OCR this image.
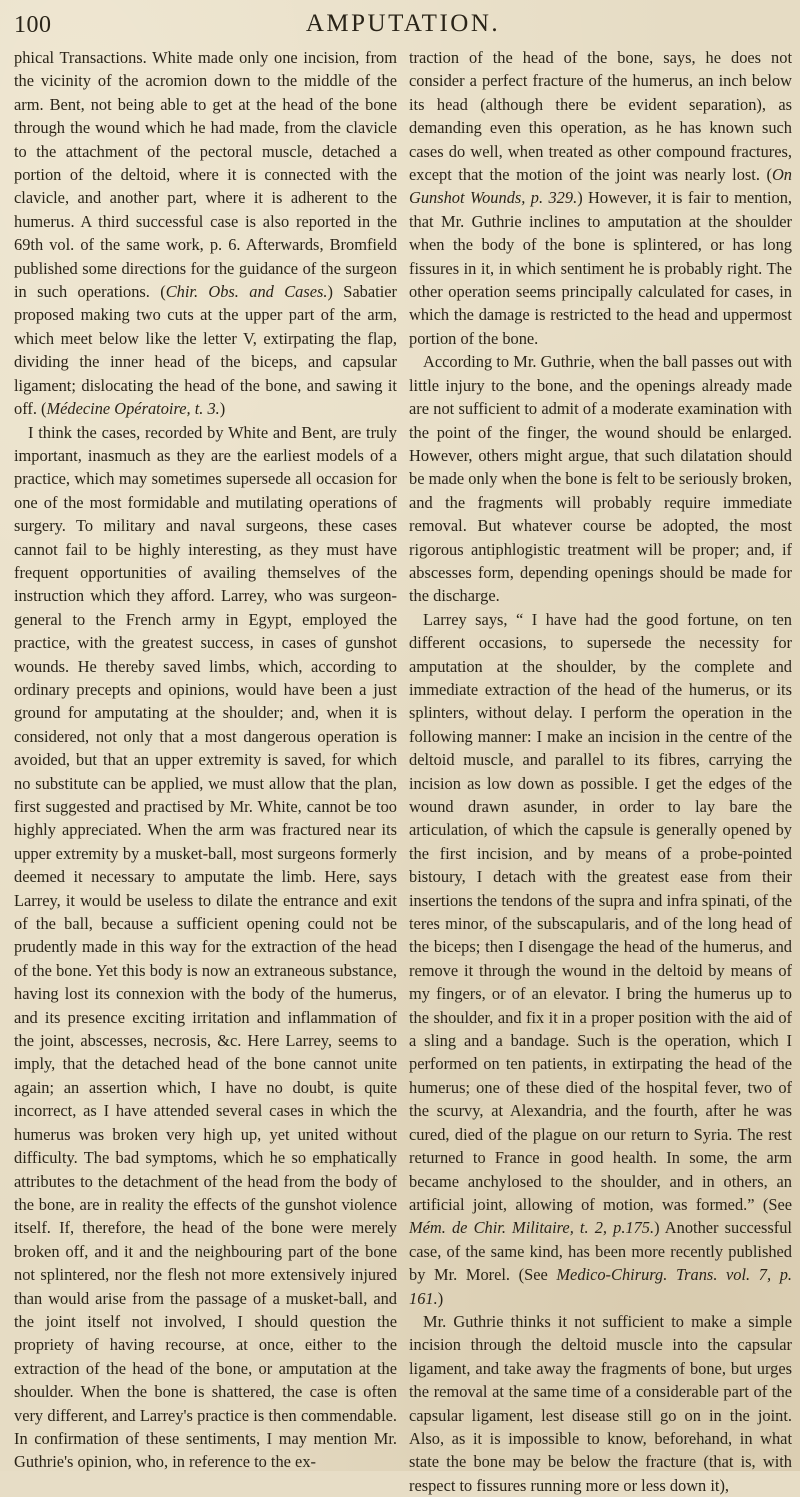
100	AMPUTATION.

phical Transactions. White made only one incision, from the vicinity of the acromion down to the middle of the arm. Bent, not being able to get at the head of the bone through the wound which he had made, from the clavicle to the attachment of the pectoral muscle, detached a portion of the deltoid, where it is connected with the clavicle, and another part, where it is adherent to the humerus. A third successful case is also reported in the 69th vol. of the same work, p. 6. Afterwards, Bromfield published some directions for the guidance of the surgeon in such operations. (Chir. Obs. and Cases.) Sabatier proposed making two cuts at the upper part of the arm, which meet below like the letter V, extirpating the flap, dividing the inner head of the biceps, and capsular ligament; dislocating the head of the bone, and sawing it off. (Médecine Opératoire, t. 3.)

I think the cases, recorded by White and Bent, are truly important, inasmuch as they are the earliest models of a practice, which may sometimes supersede all occasion for one of the most formidable and mutilating operations of surgery. To military and naval surgeons, these cases cannot fail to be highly interesting, as they must have frequent opportunities of availing themselves of the instruction which they afford. Larrey, who was surgeon-general to the French army in Egypt, employed the practice, with the greatest success, in cases of gunshot wounds. He thereby saved limbs, which, according to ordinary precepts and opinions, would have been a just ground for amputating at the shoulder; and, when it is considered, not only that a most dangerous operation is avoided, but that an upper extremity is saved, for which no substitute can be applied, we must allow that the plan, first suggested and practised by Mr. White, cannot be too highly appreciated. When the arm was fractured near its upper extremity by a musket-ball, most surgeons formerly deemed it necessary to amputate the limb. Here, says Larrey, it would be useless to dilate the entrance and exit of the ball, because a sufficient opening could not be prudently made in this way for the extraction of the head of the bone. Yet this body is now an extraneous substance, having lost its connexion with the body of the humerus, and its presence exciting irritation and inflammation of the joint, abscesses, necrosis, &c. Here Larrey, seems to imply, that the detached head of the bone cannot unite again; an assertion which, I have no doubt, is quite incorrect, as I have attended several cases in which the humerus was broken very high up, yet united without difficulty. The bad symptoms, which he so emphatically attributes to the detachment of the head from the body of the bone, are in reality the effects of the gunshot violence itself. If, therefore, the head of the bone were merely broken off, and it and the neighbouring part of the bone not splintered, nor the flesh not more extensively injured than would arise from the passage of a musket-ball, and the joint itself not involved, I should question the propriety of having recourse, at once, either to the extraction of the head of the bone, or amputation at the shoulder. When the bone is shattered, the case is often very different, and Larrey's practice is then commendable. In confirmation of these sentiments, I may mention Mr. Guthrie's opinion, who, in reference to the ex-

traction of the head of the bone, says, he does not consider a perfect fracture of the humerus, an inch below its head (although there be evident separation), as demanding even this operation, as he has known such cases do well, when treated as other compound fractures, except that the motion of the joint was nearly lost. (On Gunshot Wounds, p. 329.) However, it is fair to mention, that Mr. Guthrie inclines to amputation at the shoulder when the body of the bone is splintered, or has long fissures in it, in which sentiment he is probably right. The other operation seems principally calculated for cases, in which the damage is restricted to the head and uppermost portion of the bone.

According to Mr. Guthrie, when the ball passes out with little injury to the bone, and the openings already made are not sufficient to admit of a moderate examination with the point of the finger, the wound should be enlarged. However, others might argue, that such dilatation should be made only when the bone is felt to be seriously broken, and the fragments will probably require immediate removal. But whatever course be adopted, the most rigorous antiphlogistic treatment will be proper; and, if abscesses form, depending openings should be made for the discharge.

Larrey says, “ I have had the good fortune, on ten different occasions, to supersede the necessity for amputation at the shoulder, by the complete and immediate extraction of the head of the humerus, or its splinters, without delay. I perform the operation in the following manner: I make an incision in the centre of the deltoid muscle, and parallel to its fibres, carrying the incision as low down as possible. I get the edges of the wound drawn asunder, in order to lay bare the articulation, of which the capsule is generally opened by the first incision, and by means of a probe-pointed bistoury, I detach with the greatest ease from their insertions the tendons of the supra and infra spinati, of the teres minor, of the subscapularis, and of the long head of the biceps; then I disengage the head of the humerus, and remove it through the wound in the deltoid by means of my fingers, or of an elevator. I bring the humerus up to the shoulder, and fix it in a proper position with the aid of a sling and a bandage. Such is the operation, which I performed on ten patients, in extirpating the head of the humerus; one of these died of the hospital fever, two of the scurvy, at Alexandria, and the fourth, after he was cured, died of the plague on our return to Syria. The rest returned to France in good health. In some, the arm became anchylosed to the shoulder, and in others, an artificial joint, allowing of motion, was formed.” (See Mém. de Chir. Militaire, t. 2, p.175.) Another successful case, of the same kind, has been more recently published by Mr. Morel. (See Medico-Chirurg. Trans. vol. 7, p. 161.)

Mr. Guthrie thinks it not sufficient to make a simple incision through the deltoid muscle into the capsular ligament, and take away the fragments of bone, but urges the removal at the same time of a considerable part of the capsular ligament, lest disease still go on in the joint. Also, as it is impossible to know, beforehand, in what state the bone may be below the fracture (that is, with respect to fissures running more or less down it),
